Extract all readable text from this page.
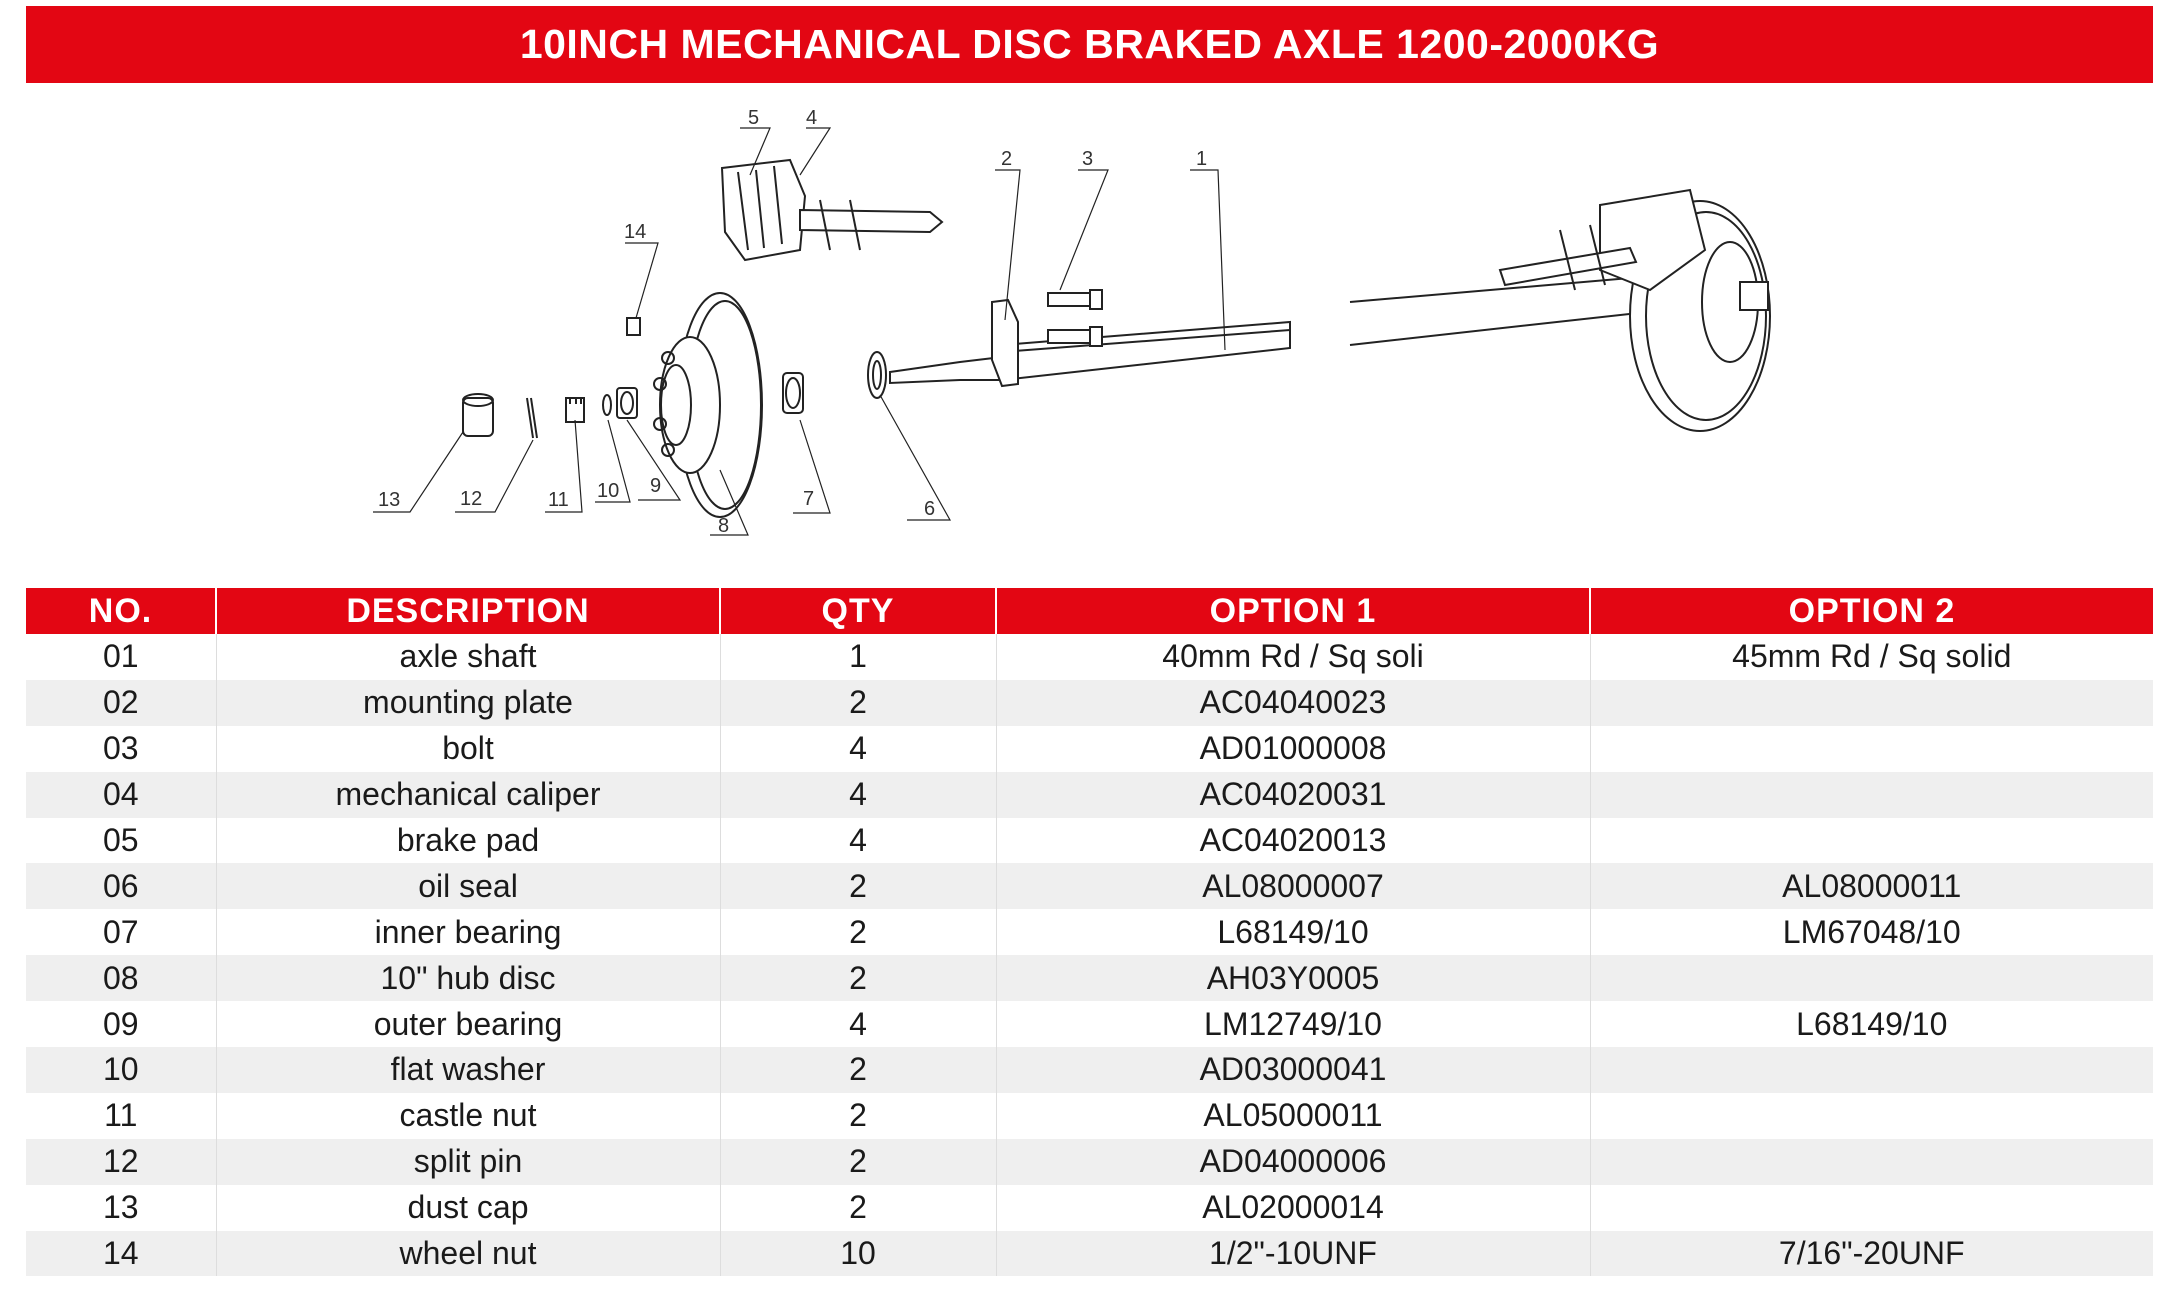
10INCH MECHANICAL DISC BRAKED AXLE 1200-2000KG
1
2	3
4
5
6
7
8
9
10
11
12
13
14
NO.	DESCRIPTION	QTY	OPTION 1	OPTION 2
01	axle shaft	1	40mm Rd / Sq soli	45mm Rd / Sq solid
02	mounting plate	2	AC04040023	
03	bolt	4	AD01000008	
04	mechanical caliper	4	AC04020031	
05	brake pad	4	AC04020013	
06	oil seal	2	AL08000007	AL08000011
07	inner bearing	2	L68149/10	LM67048/10
08	10" hub disc	2	AH03Y0005	
09	outer bearing	4	LM12749/10	L68149/10
10	flat washer	2	AD03000041	
11	castle nut	2	AL05000011	
12	split pin	2	AD04000006	
13	dust cap	2	AL02000014	
14	wheel nut	10	1/2"-10UNF	7/16"-20UNF
